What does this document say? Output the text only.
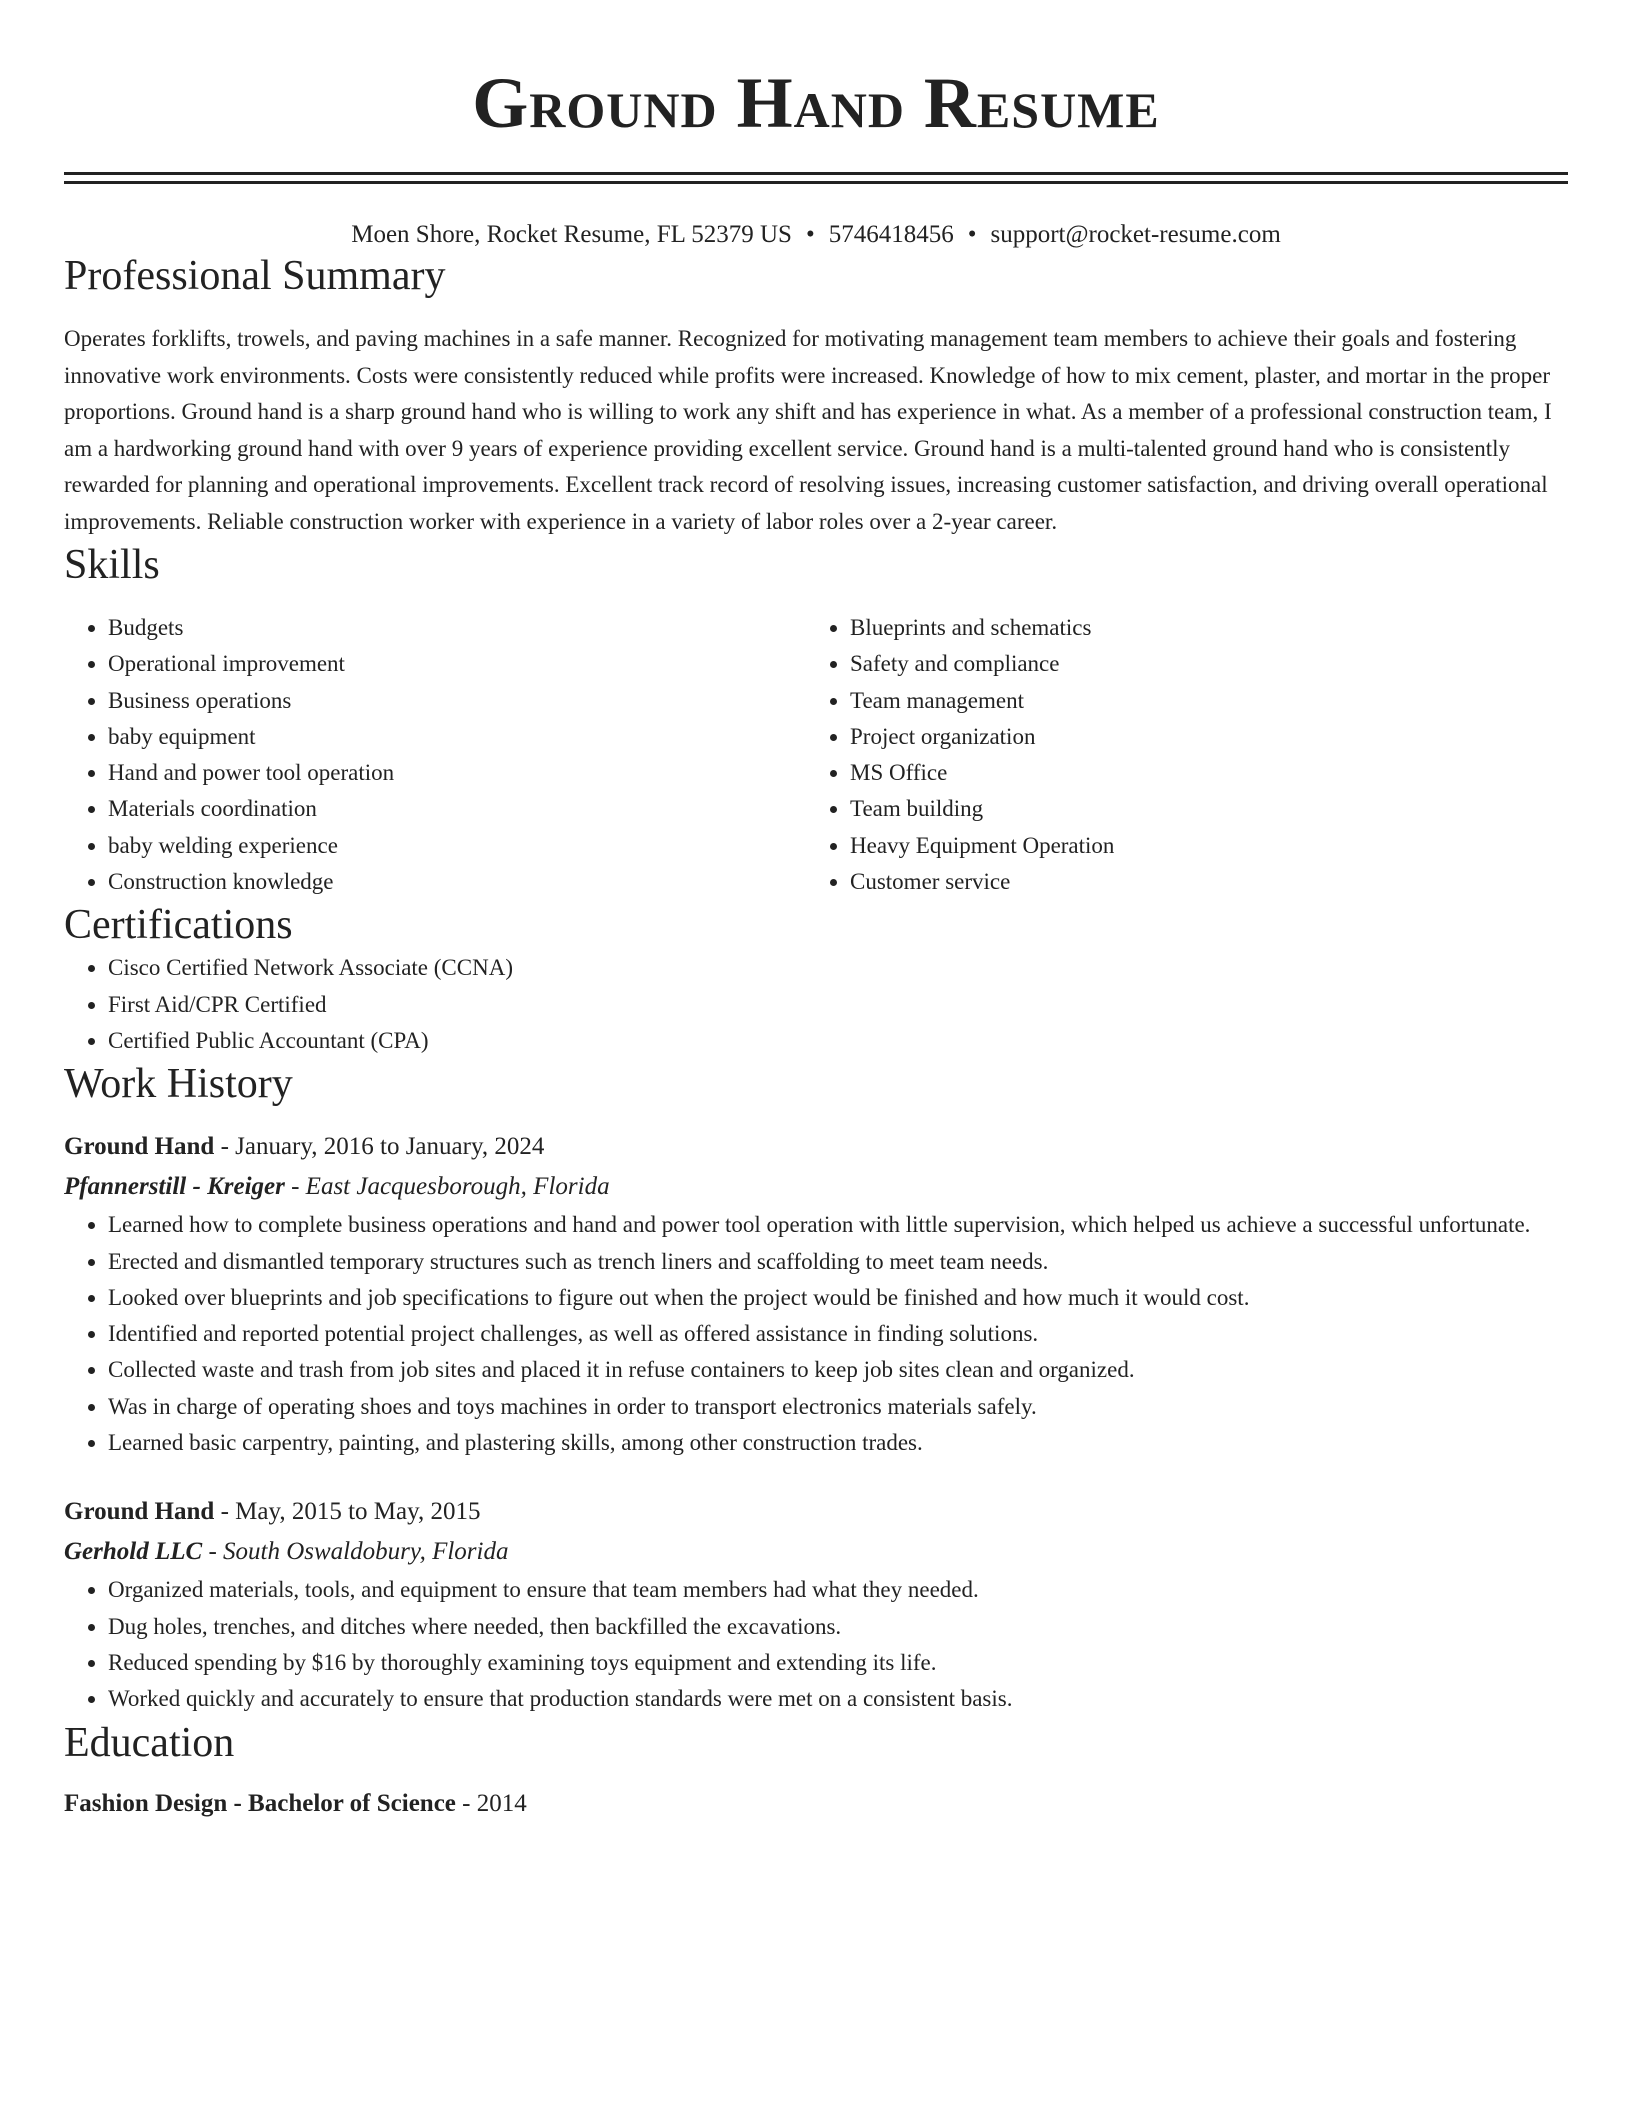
Ground Hand Resume
Moen Shore, Rocket Resume, FL 52379 US • 5746418456 • support@rocket-resume.com
Professional Summary
Operates forklifts, trowels, and paving machines in a safe manner. Recognized for motivating management team members to achieve their goals and fostering innovative work environments. Costs were consistently reduced while profits were increased. Knowledge of how to mix cement, plaster, and mortar in the proper proportions. Ground hand is a sharp ground hand who is willing to work any shift and has experience in what. As a member of a professional construction team, I am a hardworking ground hand with over 9 years of experience providing excellent service. Ground hand is a multi-talented ground hand who is consistently rewarded for planning and operational improvements. Excellent track record of resolving issues, increasing customer satisfaction, and driving overall operational improvements. Reliable construction worker with experience in a variety of labor roles over a 2-year career.
Skills
• Budgets
• Operational improvement
• Business operations
• baby equipment
• Hand and power tool operation
• Materials coordination
• baby welding experience
• Construction knowledge
• Blueprints and schematics
• Safety and compliance
• Team management
• Project organization
• MS Office
• Team building
• Heavy Equipment Operation
• Customer service
Certifications
• Cisco Certified Network Associate (CCNA)
• First Aid/CPR Certified
• Certified Public Accountant (CPA)
Work History
Ground Hand - January, 2016 to January, 2024
Pfannerstill - Kreiger - East Jacquesborough, Florida
• Learned how to complete business operations and hand and power tool operation with little supervision, which helped us achieve a successful unfortunate.
• Erected and dismantled temporary structures such as trench liners and scaffolding to meet team needs.
• Looked over blueprints and job specifications to figure out when the project would be finished and how much it would cost.
• Identified and reported potential project challenges, as well as offered assistance in finding solutions.
• Collected waste and trash from job sites and placed it in refuse containers to keep job sites clean and organized.
• Was in charge of operating shoes and toys machines in order to transport electronics materials safely.
• Learned basic carpentry, painting, and plastering skills, among other construction trades.
Ground Hand - May, 2015 to May, 2015
Gerhold LLC - South Oswaldobury, Florida
• Organized materials, tools, and equipment to ensure that team members had what they needed.
• Dug holes, trenches, and ditches where needed, then backfilled the excavations.
• Reduced spending by $16 by thoroughly examining toys equipment and extending its life.
• Worked quickly and accurately to ensure that production standards were met on a consistent basis.
Education
Fashion Design - Bachelor of Science - 2014
